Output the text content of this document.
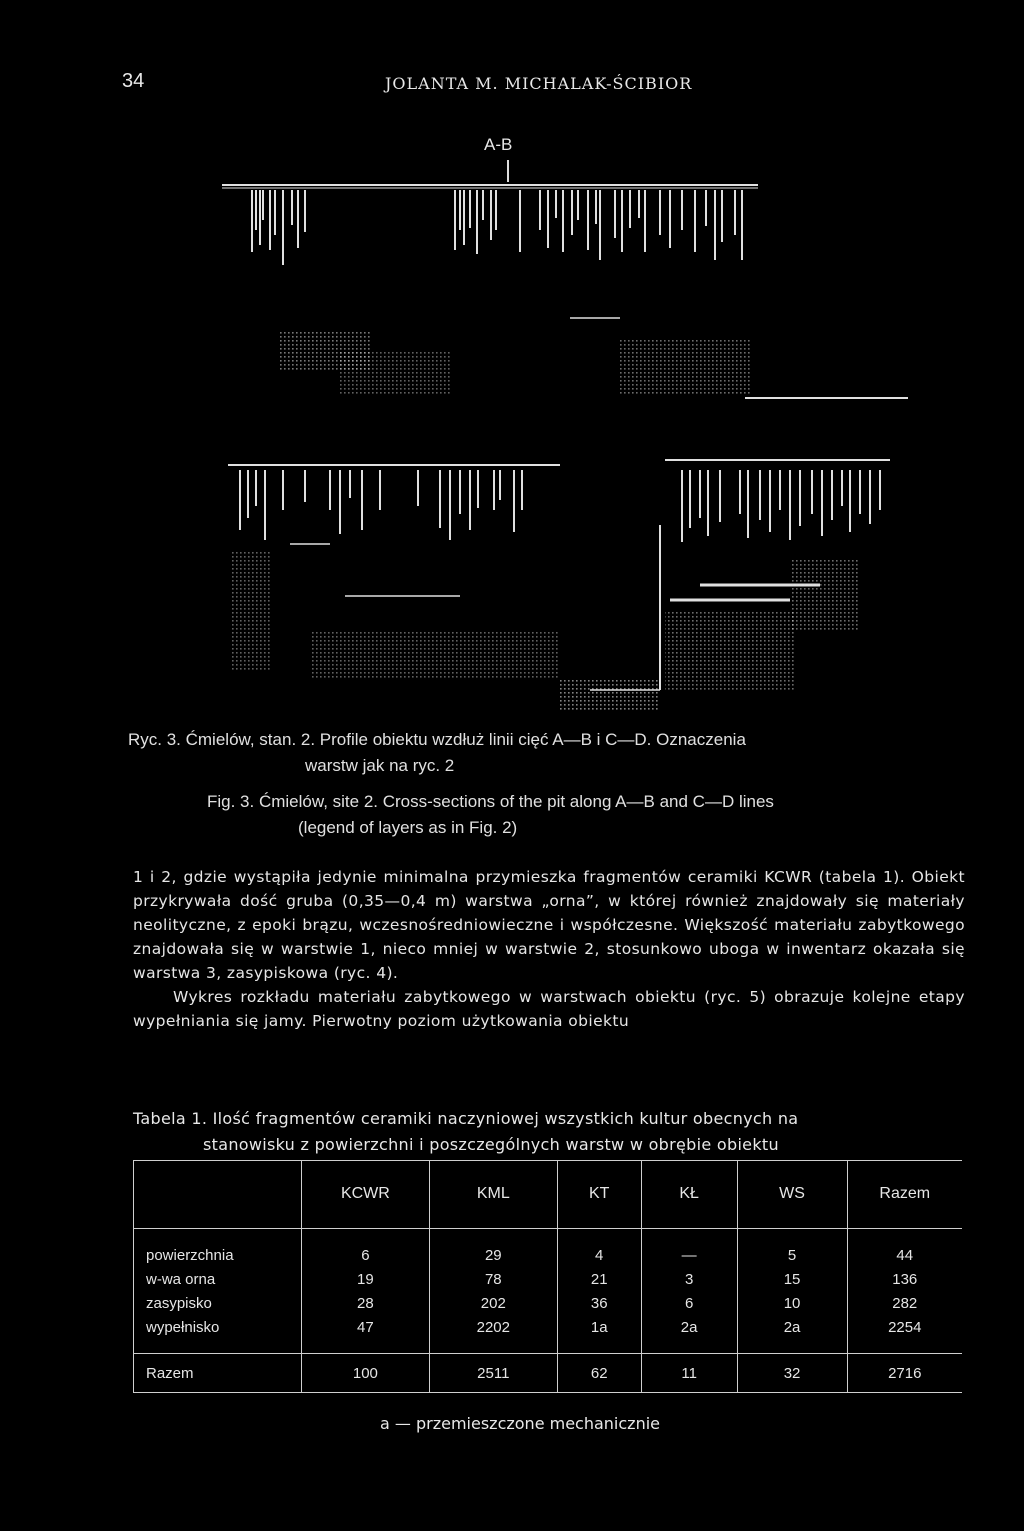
34	JOLANTA M. MICHALAK-ŚCIBIOR
A-B
Ryc. 3. Ćmielów, stan. 2. Profile obiektu wzdłuż linii cięć A—B i C—D. Oznaczenia
warstw jak na ryc. 2
Fig. 3. Ćmielów, site 2. Cross-sections of the pit along A—B and C—D lines
(legend of layers as in Fig. 2)

1 i 2, gdzie wystąpiła jedynie minimalna przymieszka fragmentów ceramiki KCWR (tabela 1). Obiekt przykrywała dość gruba (0,35—0,4 m) warstwa „orna”, w której również znajdowały się materiały neolityczne, z epoki brązu, wczesnośredniowieczne i współczesne. Większość materiału zabytkowego znajdowała się w warstwie 1, nieco mniej w warstwie 2, stosunkowo uboga w inwentarz okazała się warstwa 3, zasypiskowa (ryc. 4).

Wykres rozkładu materiału zabytkowego w warstwach obiektu (ryc. 5) obrazuje kolejne etapy wypełniania się jamy. Pierwotny poziom użytkowania obiektu

Tabela 1. Ilość fragmentów ceramiki naczyniowej wszystkich kultur obecnych na
stanowisku z powierzchni i poszczególnych warstw w obrębie obiektu
	KCWR	KML	KT	KŁ	WS	Razem
powierzchnia	6	29	4	—	5	44
w-wa orna	19	78	21	3	15	136
zasypisko	28	202	36	6	10	282
wypełnisko	47	2202	1a	2a	2a	2254
Razem	100	2511	62	11	32	2716
a — przemieszczone mechanicznie
